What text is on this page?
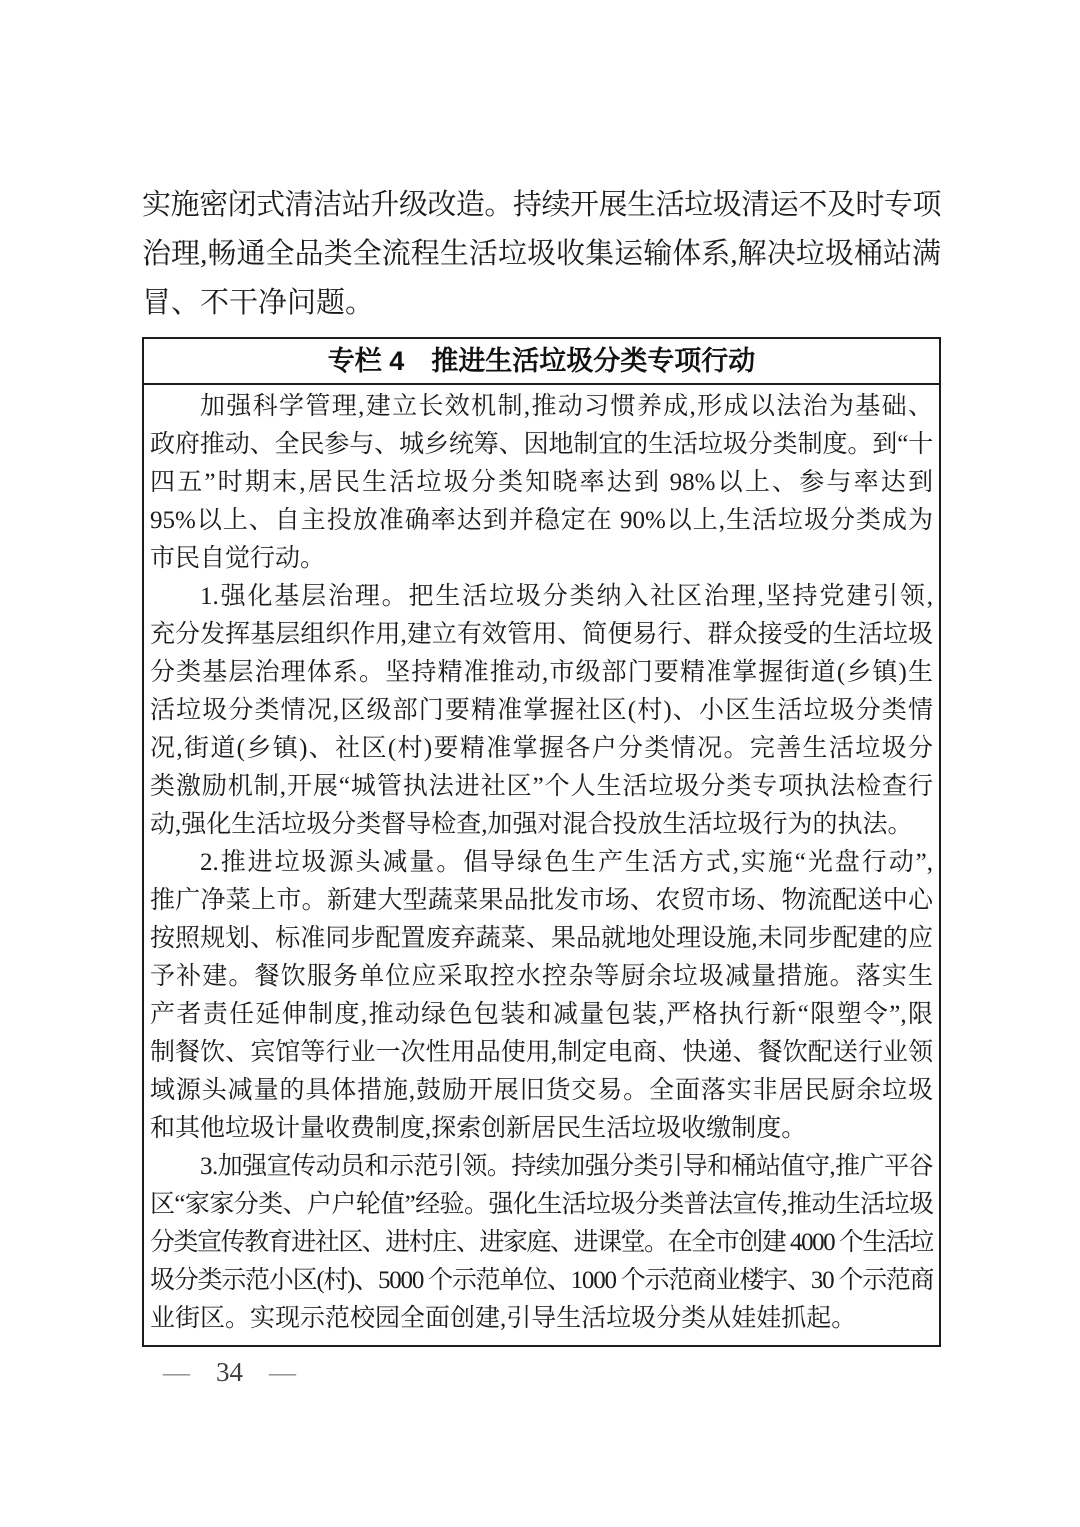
实施密闭式清洁站升级改造。持续开展生活垃圾清运不及时专项
治理,畅通全品类全流程生活垃圾收集运输体系,解决垃圾桶站满
冒、不干净问题。
专栏 4 推进生活垃圾分类专项行动
加强科学管理,建立长效机制,推动习惯养成,形成以法治为基础、
政府推动、全民参与、城乡统筹、因地制宜的生活垃圾分类制度。到“十
四五”时期末,居民生活垃圾分类知晓率达到 98%以上、参与率达到
95%以上、自主投放准确率达到并稳定在 90%以上,生活垃圾分类成为
市民自觉行动。
1.强化基层治理。把生活垃圾分类纳入社区治理,坚持党建引领,
充分发挥基层组织作用,建立有效管用、简便易行、群众接受的生活垃圾
分类基层治理体系。坚持精准推动,市级部门要精准掌握街道(乡镇)生
活垃圾分类情况,区级部门要精准掌握社区(村)、小区生活垃圾分类情
况,街道(乡镇)、社区(村)要精准掌握各户分类情况。完善生活垃圾分
类激励机制,开展“城管执法进社区”个人生活垃圾分类专项执法检查行
动,强化生活垃圾分类督导检查,加强对混合投放生活垃圾行为的执法。
2.推进垃圾源头减量。倡导绿色生产生活方式,实施“光盘行动”,
推广净菜上市。新建大型蔬菜果品批发市场、农贸市场、物流配送中心
按照规划、标准同步配置废弃蔬菜、果品就地处理设施,未同步配建的应
予补建。餐饮服务单位应采取控水控杂等厨余垃圾减量措施。落实生
产者责任延伸制度,推动绿色包装和减量包装,严格执行新“限塑令”,限
制餐饮、宾馆等行业一次性用品使用,制定电商、快递、餐饮配送行业领
域源头减量的具体措施,鼓励开展旧货交易。全面落实非居民厨余垃圾
和其他垃圾计量收费制度,探索创新居民生活垃圾收缴制度。
3.加强宣传动员和示范引领。持续加强分类引导和桶站值守,推广平谷
区“家家分类、户户轮值”经验。强化生活垃圾分类普法宣传,推动生活垃圾
分类宣传教育进社区、进村庄、进家庭、进课堂。在全市创建 4000 个生活垃
圾分类示范小区(村)、5000 个示范单位、1000 个示范商业楼宇、30 个示范商
业街区。实现示范校园全面创建,引导生活垃圾分类从娃娃抓起。
— 34 —
